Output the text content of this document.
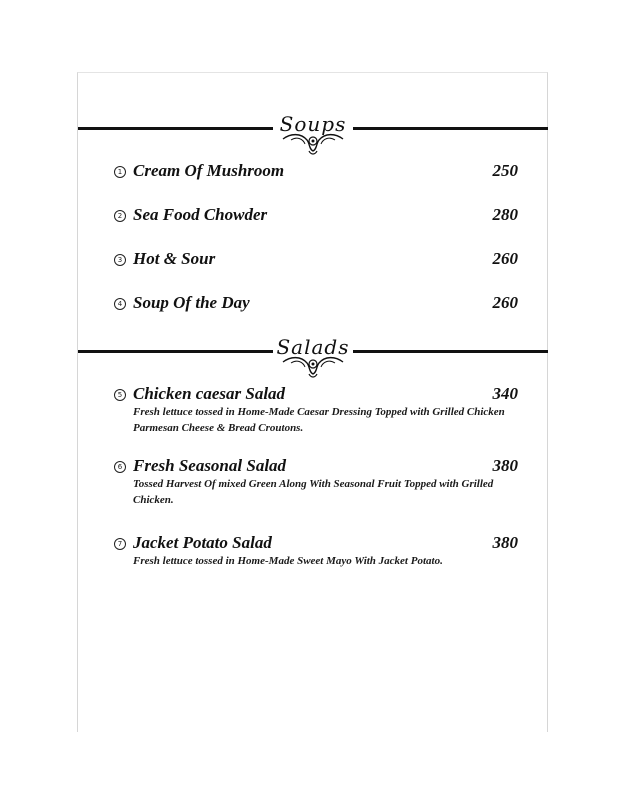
Soups
1 Cream Of Mushroom	250
2 Sea Food Chowder	280
3 Hot & Sour	260
4 Soup Of the Day	260
Salads
5 Chicken caesar Salad	340
Fresh lettuce tossed in Home-Made Caesar Dressing Topped with Grilled Chicken Parmesan Cheese & Bread Croutons.
6 Fresh Seasonal Salad	380
Tossed Harvest Of mixed Green Along With Seasonal Fruit Topped with Grilled Chicken.
7 Jacket Potato Salad	380
Fresh lettuce tossed in Home-Made Sweet Mayo With Jacket Potato.
